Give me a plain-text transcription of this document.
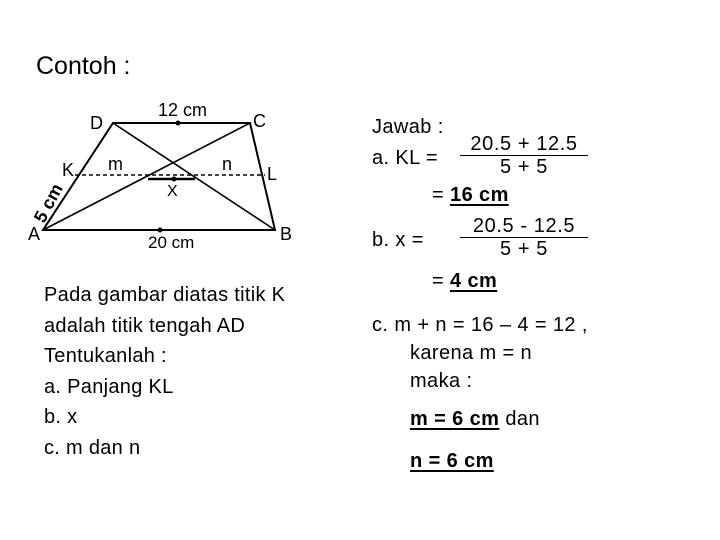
Contoh :
D
12 cm
C
K m	n L
X
A	B
20 cm
5 cm
Pada gambar diatas titik K
adalah titik tengah AD
Tentukanlah :
a. Panjang KL
b. x
c. m dan n
Jawab :
a. KL = $\frac{20.5 + 12.5}{5 + 5}$
= 16 cm
b. $x = \frac{20.5 - 12.5}{5 + 5}$
= 4 cm
c. m + n = 16 – 4 = 12 ,
karena m = n
maka :
m = 6 cm dan
n = 6 cm
